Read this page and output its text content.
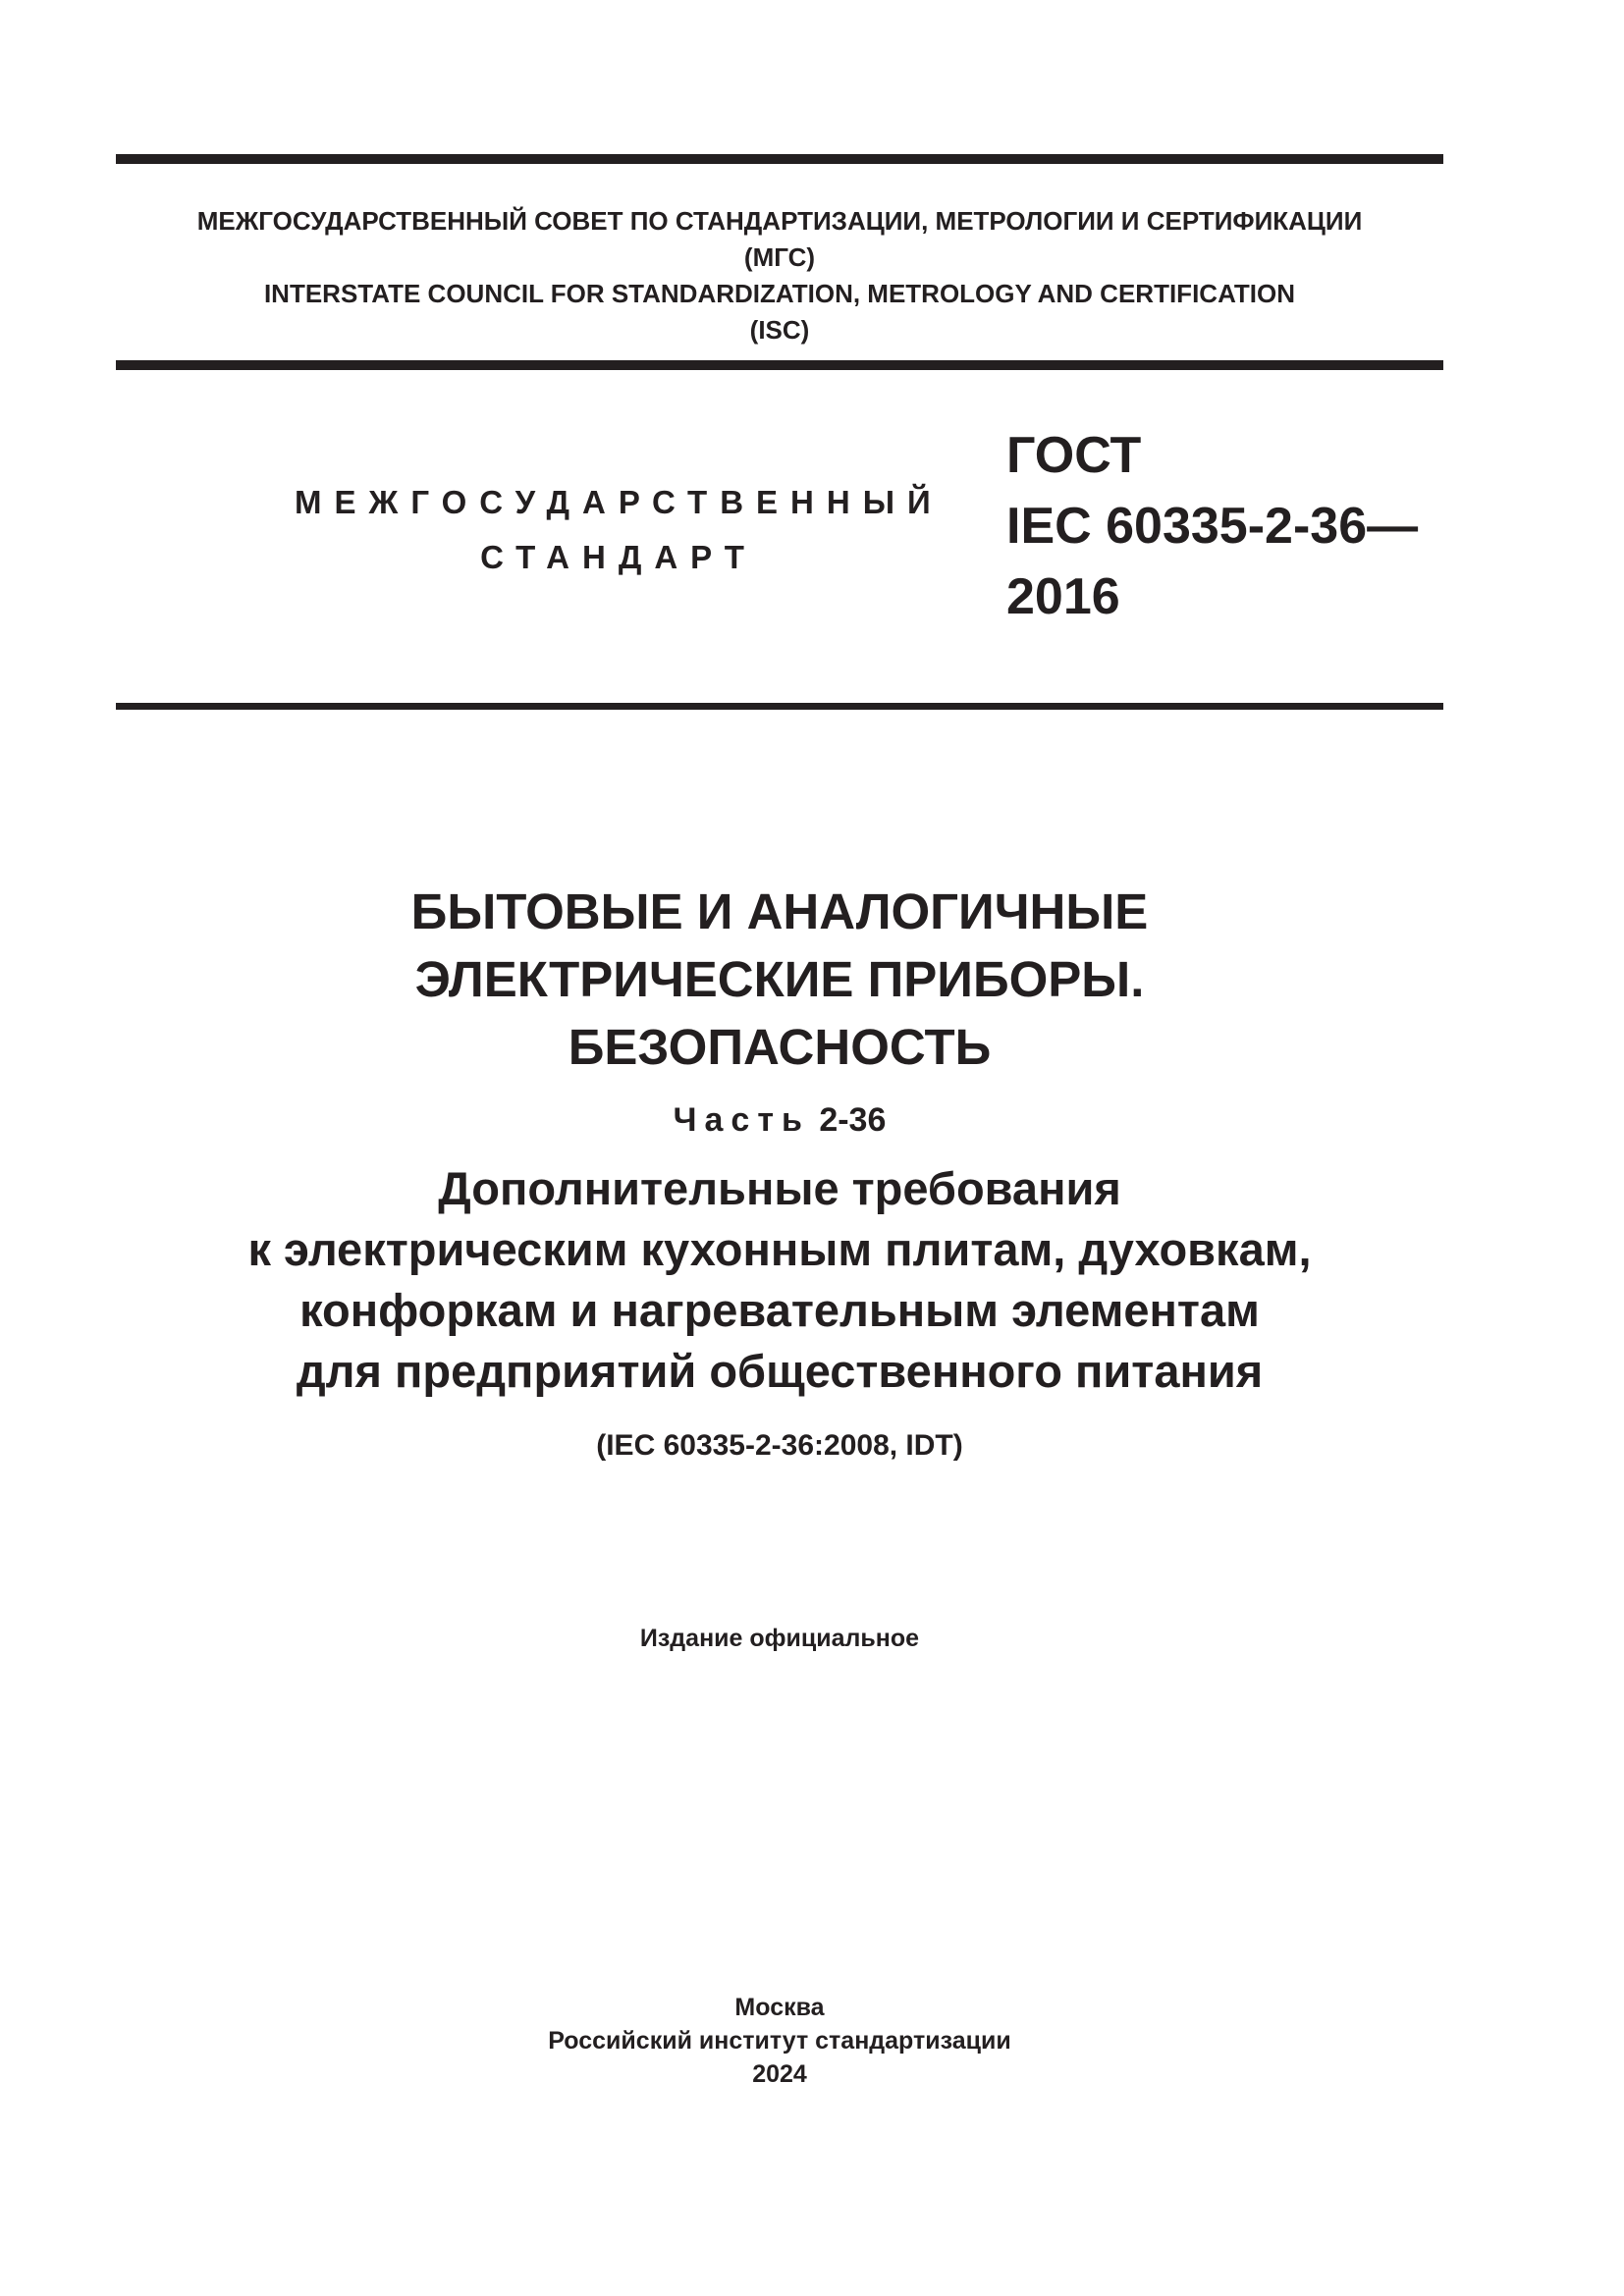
МЕЖГОСУДАРСТВЕННЫЙ СОВЕТ ПО СТАНДАРТИЗАЦИИ, МЕТРОЛОГИИ И СЕРТИФИКАЦИИ
(МГС)
INTERSTATE COUNCIL FOR STANDARDIZATION, METROLOGY AND CERTIFICATION
(ISC)
МЕЖГОСУДАРСТВЕННЫЙ
СТАНДАРТ
ГОСТ
IEC 60335-2-36—
2016
БЫТОВЫЕ И АНАЛОГИЧНЫЕ
ЭЛЕКТРИЧЕСКИЕ ПРИБОРЫ.
БЕЗОПАСНОСТЬ
Часть 2-36
Дополнительные требования
к электрическим кухонным плитам, духовкам,
конфоркам и нагревательным элементам
для предприятий общественного питания
(IEC 60335-2-36:2008, IDT)
Издание официальное
Москва
Российский институт стандартизации
2024
